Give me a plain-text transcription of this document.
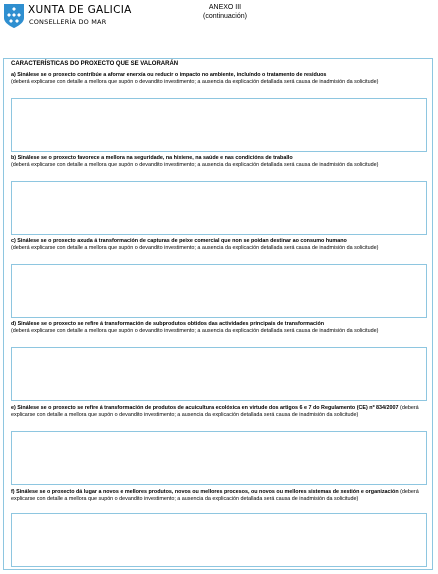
XUNTA DE GALICIA
CONSELLERÍA DO MAR
ANEXO III
(continuación)
CARACTERÍSTICAS DO PROXECTO QUE SE VALORARÁN
a) Sinálese se o proxecto contribúe a aforrar enerxía ou reducir o impacto no ambiente, incluíndo o tratamento de residuos
(deberá explicarse con detalle a mellora que supón o devandito investimento; a ausencia da explicación detallada será causa de inadmisión da solicitude)
b) Sinálese se o proxecto favorece a mellora na seguridade, na hixiene, na saúde e nas condicións de traballo
(deberá explicarse con detalle a mellora que supón o devandito investimento; a ausencia da explicación detallada será causa de inadmisión da solicitude)
c) Sinálese se o proxecto axuda á transformación de capturas de peixe comercial que non se poidan destinar ao consumo humano
(deberá explicarse con detalle a mellora que supón o devandito investimento; a ausencia da explicación detallada será causa de inadmisión da solicitude)
d) Sinálese se o proxecto se refire á transformación de subprodutos obtidos das actividades principais de transformación
(deberá explicarse con detalle a mellora que supón o devandito investimento; a ausencia da explicación detallada será causa de inadmisión da solicitude)
e) Sinálese se o proxecto se refire á transformación de produtos de acuicultura ecolóxica en virtude dos artigos 6 e 7 do Regulamento (CE) nº 834/2007 (deberá explicarse con detalle a mellora que supón o devandito investimento; a ausencia da explicación detallada será causa de inadmisión da solicitude)
f) Sinálese se o proxecto dá lugar a novos e mellores produtos, novos ou mellores procesos, ou novos ou mellores sistemas de xestión e organización (deberá explicarse con detalle a mellora que supón o devandito investimento; a ausencia da explicación detallada será causa de inadmisión da solicitude)
